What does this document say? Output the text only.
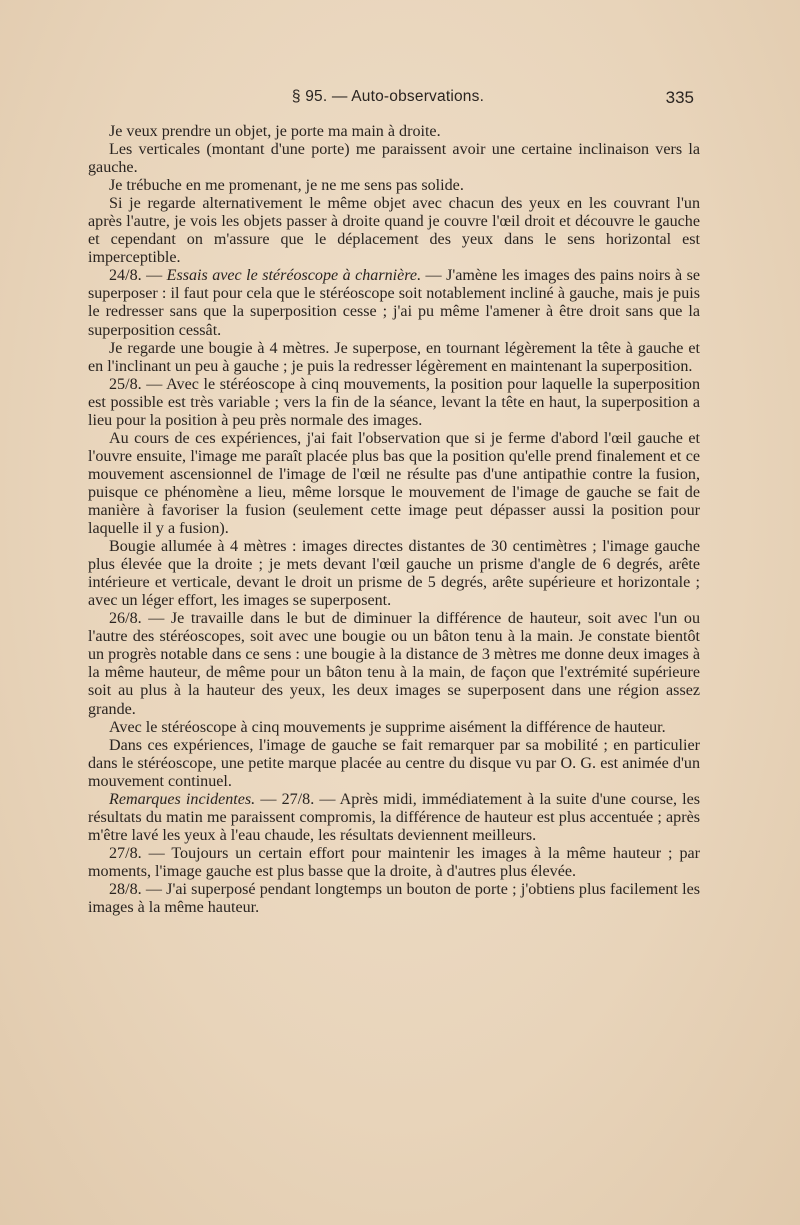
§ 95. — Auto-observations.	335

Je veux prendre un objet, je porte ma main à droite.

Les verticales (montant d'une porte) me paraissent avoir une certaine inclinaison vers la gauche.

Je trébuche en me promenant, je ne me sens pas solide.

Si je regarde alternativement le même objet avec chacun des yeux en les couvrant l'un après l'autre, je vois les objets passer à droite quand je couvre l'œil droit et découvre le gauche et cependant on m'assure que le déplacement des yeux dans le sens horizontal est imperceptible.

24/8. — Essais avec le stéréoscope à charnière. — J'amène les images des pains noirs à se superposer : il faut pour cela que le stéréoscope soit notablement incliné à gauche, mais je puis le redresser sans que la superposition cesse ; j'ai pu même l'amener à être droit sans que la superposition cessât.

Je regarde une bougie à 4 mètres. Je superpose, en tournant légèrement la tête à gauche et en l'inclinant un peu à gauche ; je puis la redresser légèrement en maintenant la superposition.

25/8. — Avec le stéréoscope à cinq mouvements, la position pour laquelle la superposition est possible est très variable ; vers la fin de la séance, levant la tête en haut, la superposition a lieu pour la position à peu près normale des images.

Au cours de ces expériences, j'ai fait l'observation que si je ferme d'abord l'œil gauche et l'ouvre ensuite, l'image me paraît placée plus bas que la position qu'elle prend finalement et ce mouvement ascensionnel de l'image de l'œil ne résulte pas d'une antipathie contre la fusion, puisque ce phénomène a lieu, même lorsque le mouvement de l'image de gauche se fait de manière à favoriser la fusion (seulement cette image peut dépasser aussi la position pour laquelle il y a fusion).

Bougie allumée à 4 mètres : images directes distantes de 30 centimètres ; l'image gauche plus élevée que la droite ; je mets devant l'œil gauche un prisme d'angle de 6 degrés, arête intérieure et verticale, devant le droit un prisme de 5 degrés, arête supérieure et horizontale ; avec un léger effort, les images se superposent.

26/8. — Je travaille dans le but de diminuer la différence de hauteur, soit avec l'un ou l'autre des stéréoscopes, soit avec une bougie ou un bâton tenu à la main. Je constate bientôt un progrès notable dans ce sens : une bougie à la distance de 3 mètres me donne deux images à la même hauteur, de même pour un bâton tenu à la main, de façon que l'extrémité supérieure soit au plus à la hauteur des yeux, les deux images se superposent dans une région assez grande.

Avec le stéréoscope à cinq mouvements je supprime aisément la différence de hauteur.

Dans ces expériences, l'image de gauche se fait remarquer par sa mobilité ; en particulier dans le stéréoscope, une petite marque placée au centre du disque vu par O. G. est animée d'un mouvement continuel.

Remarques incidentes. — 27/8. — Après midi, immédiatement à la suite d'une course, les résultats du matin me paraissent compromis, la différence de hauteur est plus accentuée ; après m'être lavé les yeux à l'eau chaude, les résultats deviennent meilleurs.

27/8. — Toujours un certain effort pour maintenir les images à la même hauteur ; par moments, l'image gauche est plus basse que la droite, à d'autres plus élevée.

28/8. — J'ai superposé pendant longtemps un bouton de porte ; j'obtiens plus facilement les images à la même hauteur.
